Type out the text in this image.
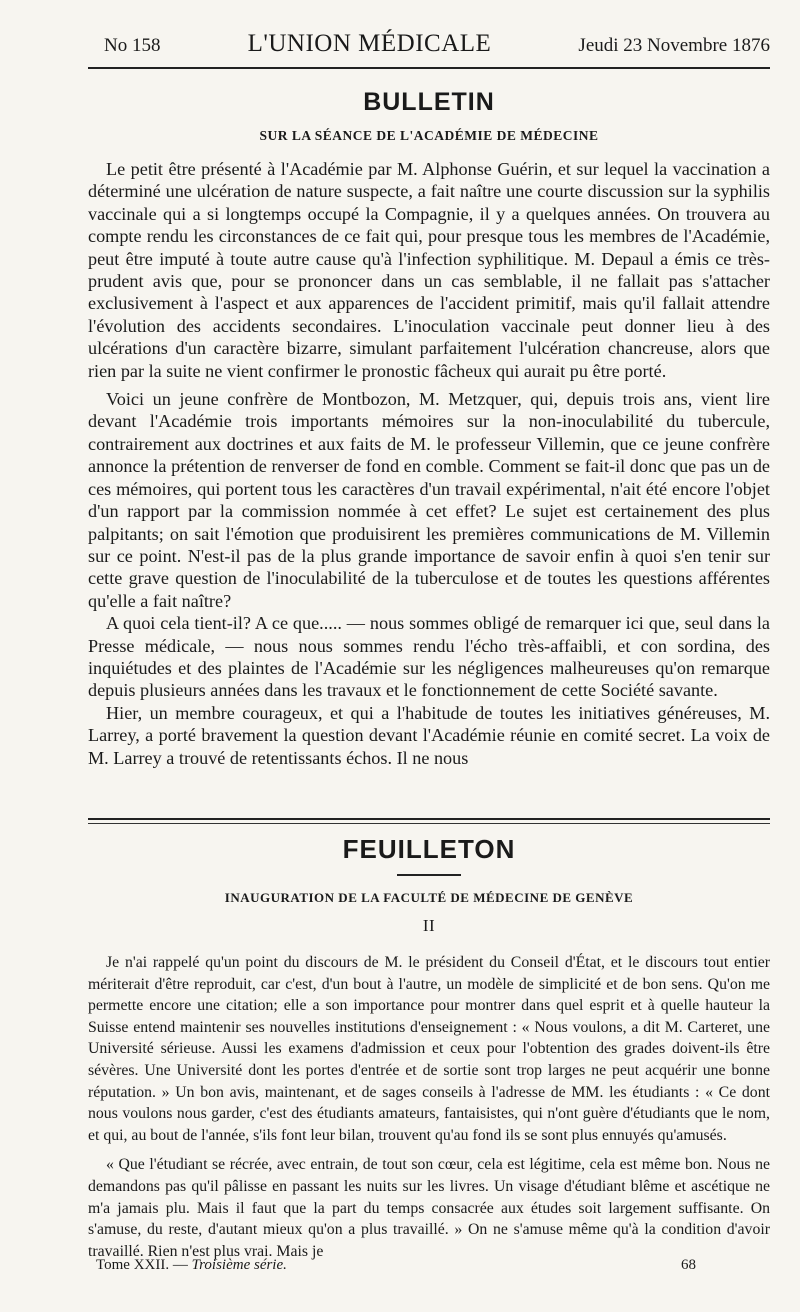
No 158	L'UNION MÉDICALE	Jeudi 23 Novembre 1876
BULLETIN
SUR LA SÉANCE DE L'ACADÉMIE DE MÉDECINE

Le petit être présenté à l'Académie par M. Alphonse Guérin, et sur lequel la vaccination a déterminé une ulcération de nature suspecte, a fait naître une courte discussion sur la syphilis vaccinale qui a si longtemps occupé la Compagnie, il y a quelques années. On trouvera au compte rendu les circonstances de ce fait qui, pour presque tous les membres de l'Académie, peut être imputé à toute autre cause qu'à l'infection syphilitique. M. Depaul a émis ce très-prudent avis que, pour se prononcer dans un cas semblable, il ne fallait pas s'attacher exclusivement à l'aspect et aux apparences de l'accident primitif, mais qu'il fallait attendre l'évolution des accidents secondaires. L'inoculation vaccinale peut donner lieu à des ulcérations d'un caractère bizarre, simulant parfaitement l'ulcération chancreuse, alors que rien par la suite ne vient confirmer le pronostic fâcheux qui aurait pu être porté.

Voici un jeune confrère de Montbozon, M. Metzquer, qui, depuis trois ans, vient lire devant l'Académie trois importants mémoires sur la non-inoculabilité du tubercule, contrairement aux doctrines et aux faits de M. le professeur Villemin, que ce jeune confrère annonce la prétention de renverser de fond en comble. Comment se fait-il donc que pas un de ces mémoires, qui portent tous les caractères d'un travail expérimental, n'ait été encore l'objet d'un rapport par la commission nommée à cet effet? Le sujet est certainement des plus palpitants; on sait l'émotion que produisirent les premières communications de M. Villemin sur ce point. N'est-il pas de la plus grande importance de savoir enfin à quoi s'en tenir sur cette grave question de l'inoculabilité de la tuberculose et de toutes les questions afférentes qu'elle a fait naître?

A quoi cela tient-il? A ce que..... — nous sommes obligé de remarquer ici que, seul dans la Presse médicale, — nous nous sommes rendu l'écho très-affaibli, et con sordina, des inquiétudes et des plaintes de l'Académie sur les négligences malheureuses qu'on remarque depuis plusieurs années dans les travaux et le fonctionnement de cette Société savante.

Hier, un membre courageux, et qui a l'habitude de toutes les initiatives généreuses, M. Larrey, a porté bravement la question devant l'Académie réunie en comité secret. La voix de M. Larrey a trouvé de retentissants échos. Il ne nous

FEUILLETON
INAUGURATION DE LA FACULTÉ DE MÉDECINE DE GENÈVE
II

Je n'ai rappelé qu'un point du discours de M. le président du Conseil d'État, et le discours tout entier mériterait d'être reproduit, car c'est, d'un bout à l'autre, un modèle de simplicité et de bon sens. Qu'on me permette encore une citation; elle a son importance pour montrer dans quel esprit et à quelle hauteur la Suisse entend maintenir ses nouvelles institutions d'enseignement : « Nous voulons, a dit M. Carteret, une Université sérieuse. Aussi les examens d'admission et ceux pour l'obtention des grades doivent-ils être sévères. Une Université dont les portes d'entrée et de sortie sont trop larges ne peut acquérir une bonne réputation. » Un bon avis, maintenant, et de sages conseils à l'adresse de MM. les étudiants : « Ce dont nous voulons nous garder, c'est des étudiants amateurs, fantaisistes, qui n'ont guère d'étudiants que le nom, et qui, au bout de l'année, s'ils font leur bilan, trouvent qu'au fond ils se sont plus ennuyés qu'amusés.

« Que l'étudiant se récrée, avec entrain, de tout son cœur, cela est légitime, cela est même bon. Nous ne demandons pas qu'il pâlisse en passant les nuits sur les livres. Un visage d'étudiant blême et ascétique ne m'a jamais plu. Mais il faut que la part du temps consacrée aux études soit largement suffisante. On s'amuse, du reste, d'autant mieux qu'on a plus travaillé. » On ne s'amuse même qu'à la condition d'avoir travaillé. Rien n'est plus vrai. Mais je

Tome XXII. — Troisième série.	68
